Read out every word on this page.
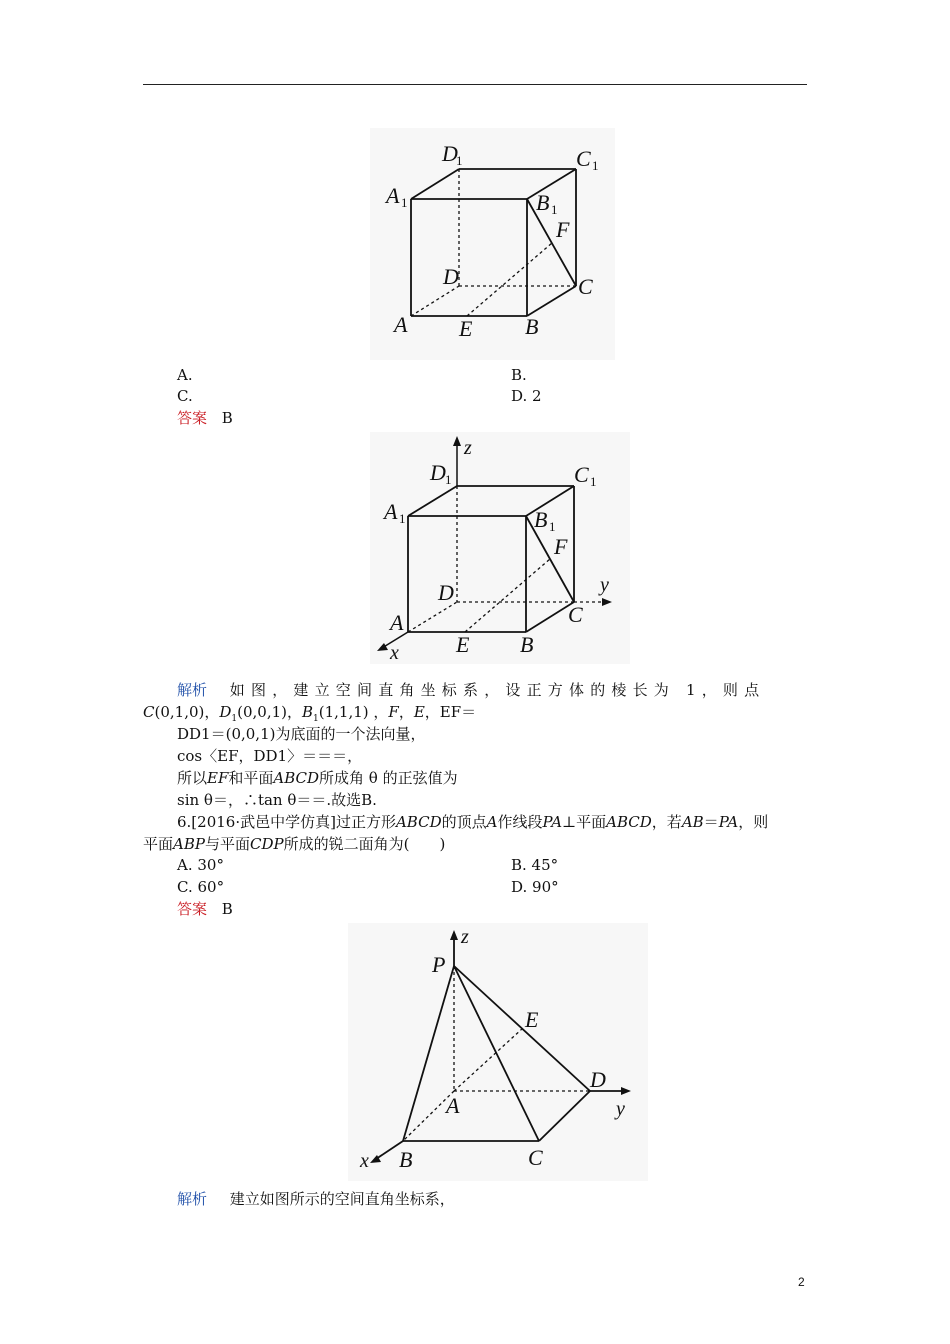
D
1	C 1
A 1	B 1
F
D	C
A E B
A.	B.
C.	D. 2
答案 B
z
y
x
D 1	C 1
A 1	B 1
F
D
C
A
E B
解析 如图，建立空间直角坐标系，设正方体的棱长为 1，则点
C(0,1,0)，$D_1(0,0,1)$，$B_1(1,1,1)$ ，F，E，EF＝
DD1＝(0,0,1)为底面的一个法向量，
cos〈EF，DD1〉＝＝＝，
所以EF和平面ABCD所成角 θ 的正弦值为
sin θ＝，∴tan θ＝＝.故选B.
6.[2016·武邑中学仿真]过正方形ABCD的顶点A作线段PA⊥平面ABCD，若AB＝PA，则
平面ABP与平面CDP所成的锐二面角为(　　)
A. 30°	B. 45°
C. 60°	D. 90°
答案 B
z
P
E
D
A	y
x B	C
解析 建立如图所示的空间直角坐标系，
2
